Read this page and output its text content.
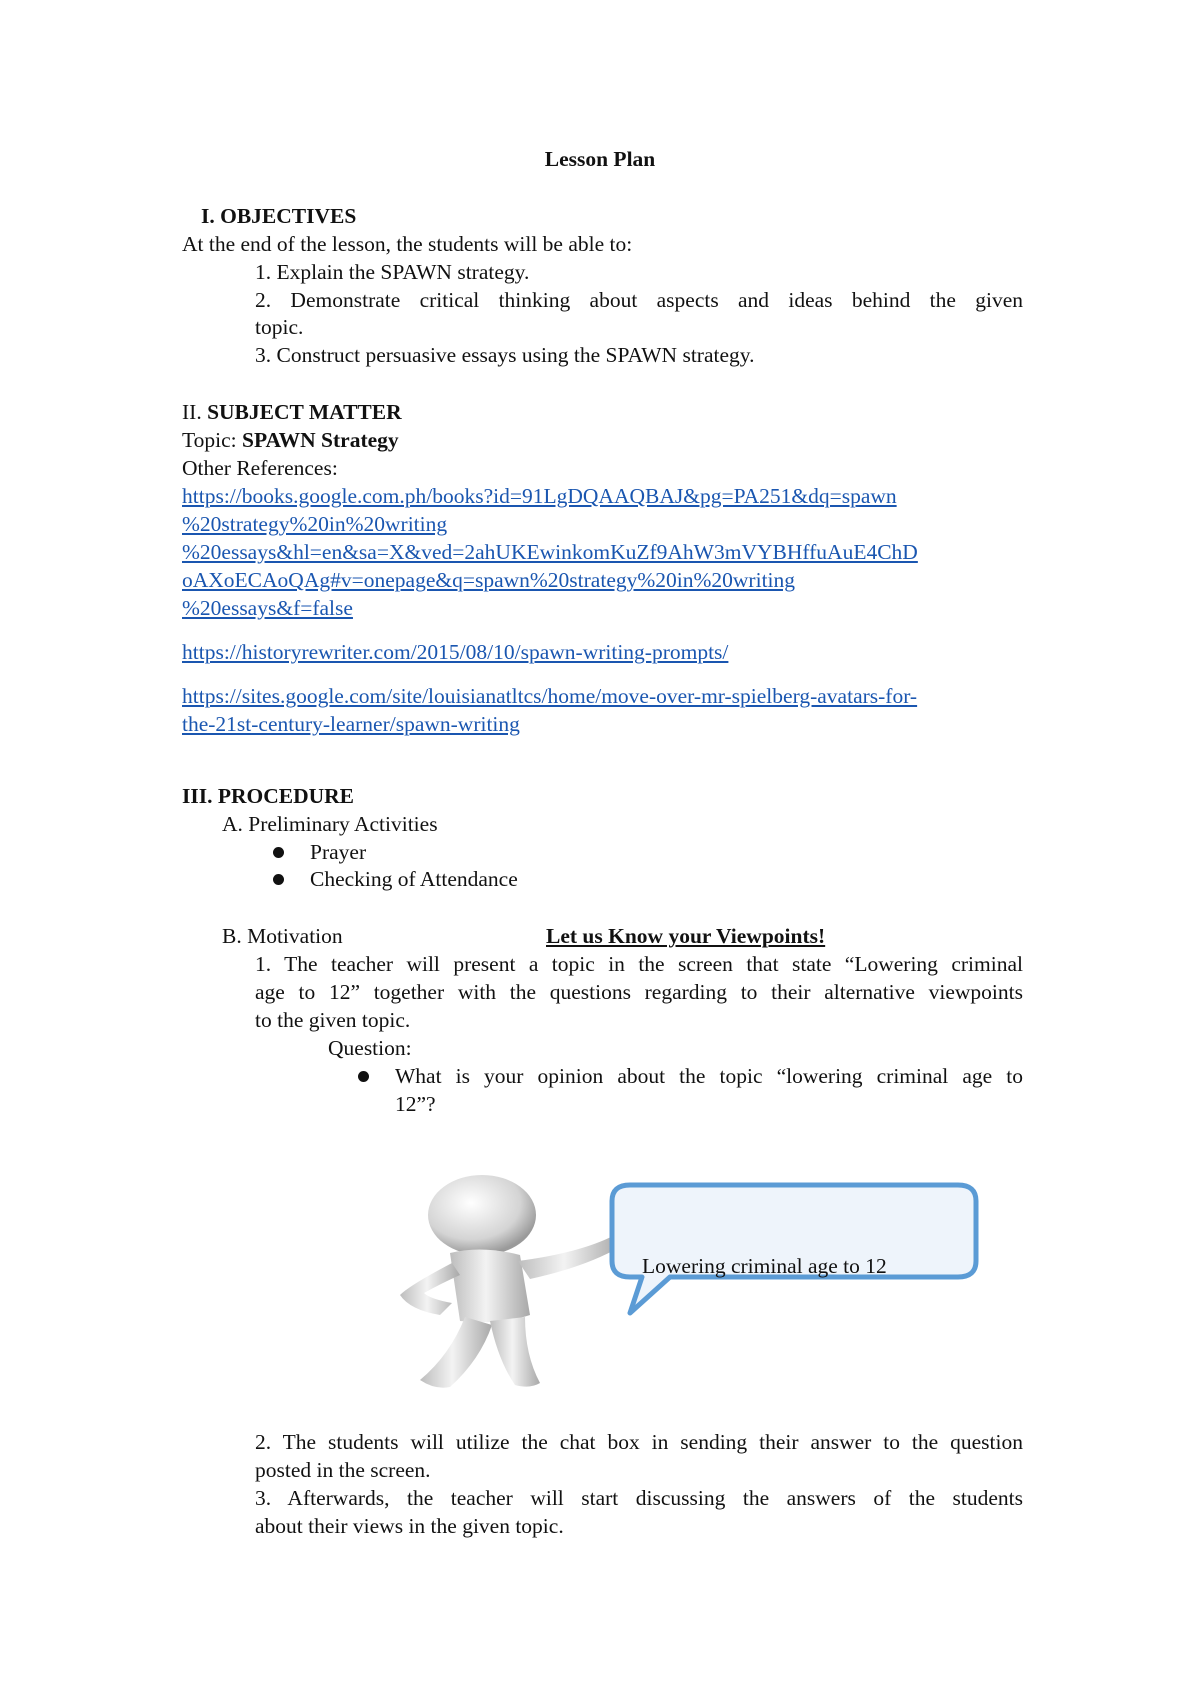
Lesson Plan
I. OBJECTIVES
At the end of the lesson, the students will be able to:
1. Explain the SPAWN strategy.
2. Demonstrate critical thinking about aspects and ideas behind the given
topic.
3. Construct persuasive essays using the SPAWN strategy.
II. SUBJECT MATTER
Topic: SPAWN Strategy
Other References:
https://books.google.com.ph/books?id=91LgDQAAQBAJ&pg=PA251&dq=spawn
%20strategy%20in%20writing
%20essays&hl=en&sa=X&ved=2ahUKEwinkomKuZf9AhW3mVYBHffuAuE4ChD
oAXoECAoQAg#v=onepage&q=spawn%20strategy%20in%20writing
%20essays&f=false
https://historyrewriter.com/2015/08/10/spawn-writing-prompts/
https://sites.google.com/site/louisianatltcs/home/move-over-mr-spielberg-avatars-for-
the-21st-century-learner/spawn-writing
III. PROCEDURE
A. Preliminary Activities
Prayer
Checking of Attendance
B. Motivation	Let us Know your Viewpoints!
1. The teacher will present a topic in the screen that state “Lowering criminal
age to 12” together with the questions regarding to their alternative viewpoints
to the given topic.
Question:
What is your opinion about the topic “lowering criminal age to
12”?
Lowering criminal age to 12
2. The students will utilize the chat box in sending their answer to the question
posted in the screen.
3. Afterwards, the teacher will start discussing the answers of the students
about their views in the given topic.
